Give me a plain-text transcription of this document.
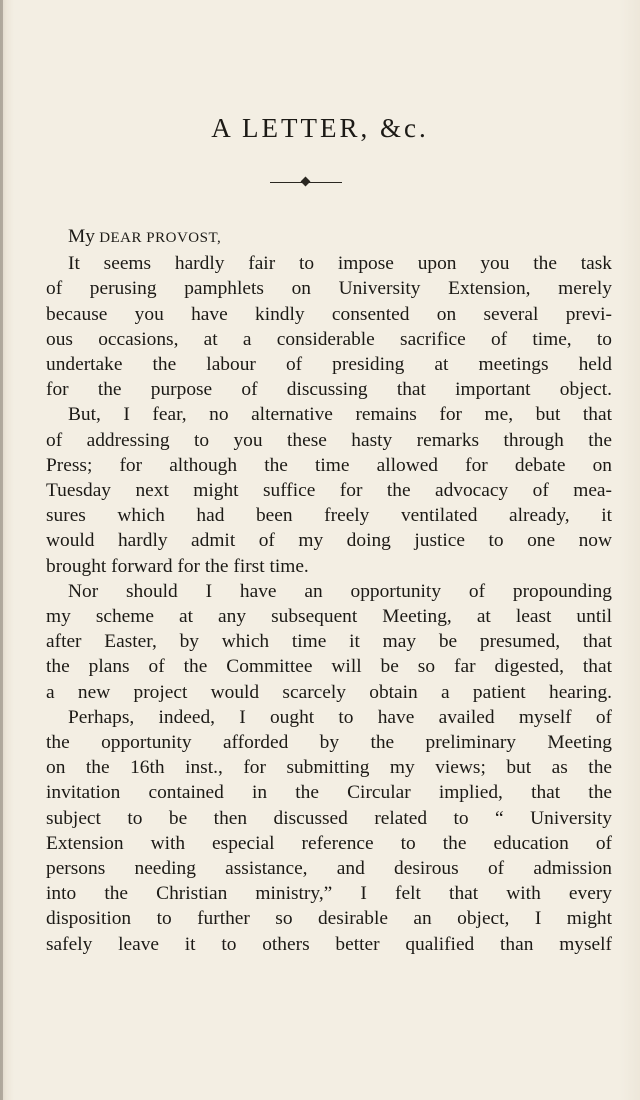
A LETTER, &c.
My DEAR PROVOST,
It seems hardly fair to impose upon you the task
of perusing pamphlets on University Extension, merely
because you have kindly consented on several previ-
ous occasions, at a considerable sacrifice of time, to
undertake the labour of presiding at meetings held
for the purpose of discussing that important object.
But, I fear, no alternative remains for me, but that
of addressing to you these hasty remarks through the
Press; for although the time allowed for debate on
Tuesday next might suffice for the advocacy of mea-
sures which had been freely ventilated already, it
would hardly admit of my doing justice to one now
brought forward for the first time.
Nor should I have an opportunity of propounding
my scheme at any subsequent Meeting, at least until
after Easter, by which time it may be presumed, that
the plans of the Committee will be so far digested, that
a new project would scarcely obtain a patient hearing.
Perhaps, indeed, I ought to have availed myself of
the opportunity afforded by the preliminary Meeting
on the 16th inst., for submitting my views; but as the
invitation contained in the Circular implied, that the
subject to be then discussed related to “ University
Extension with especial reference to the education of
persons needing assistance, and desirous of admission
into the Christian ministry,” I felt that with every
disposition to further so desirable an object, I might
safely leave it to others better qualified than myself
